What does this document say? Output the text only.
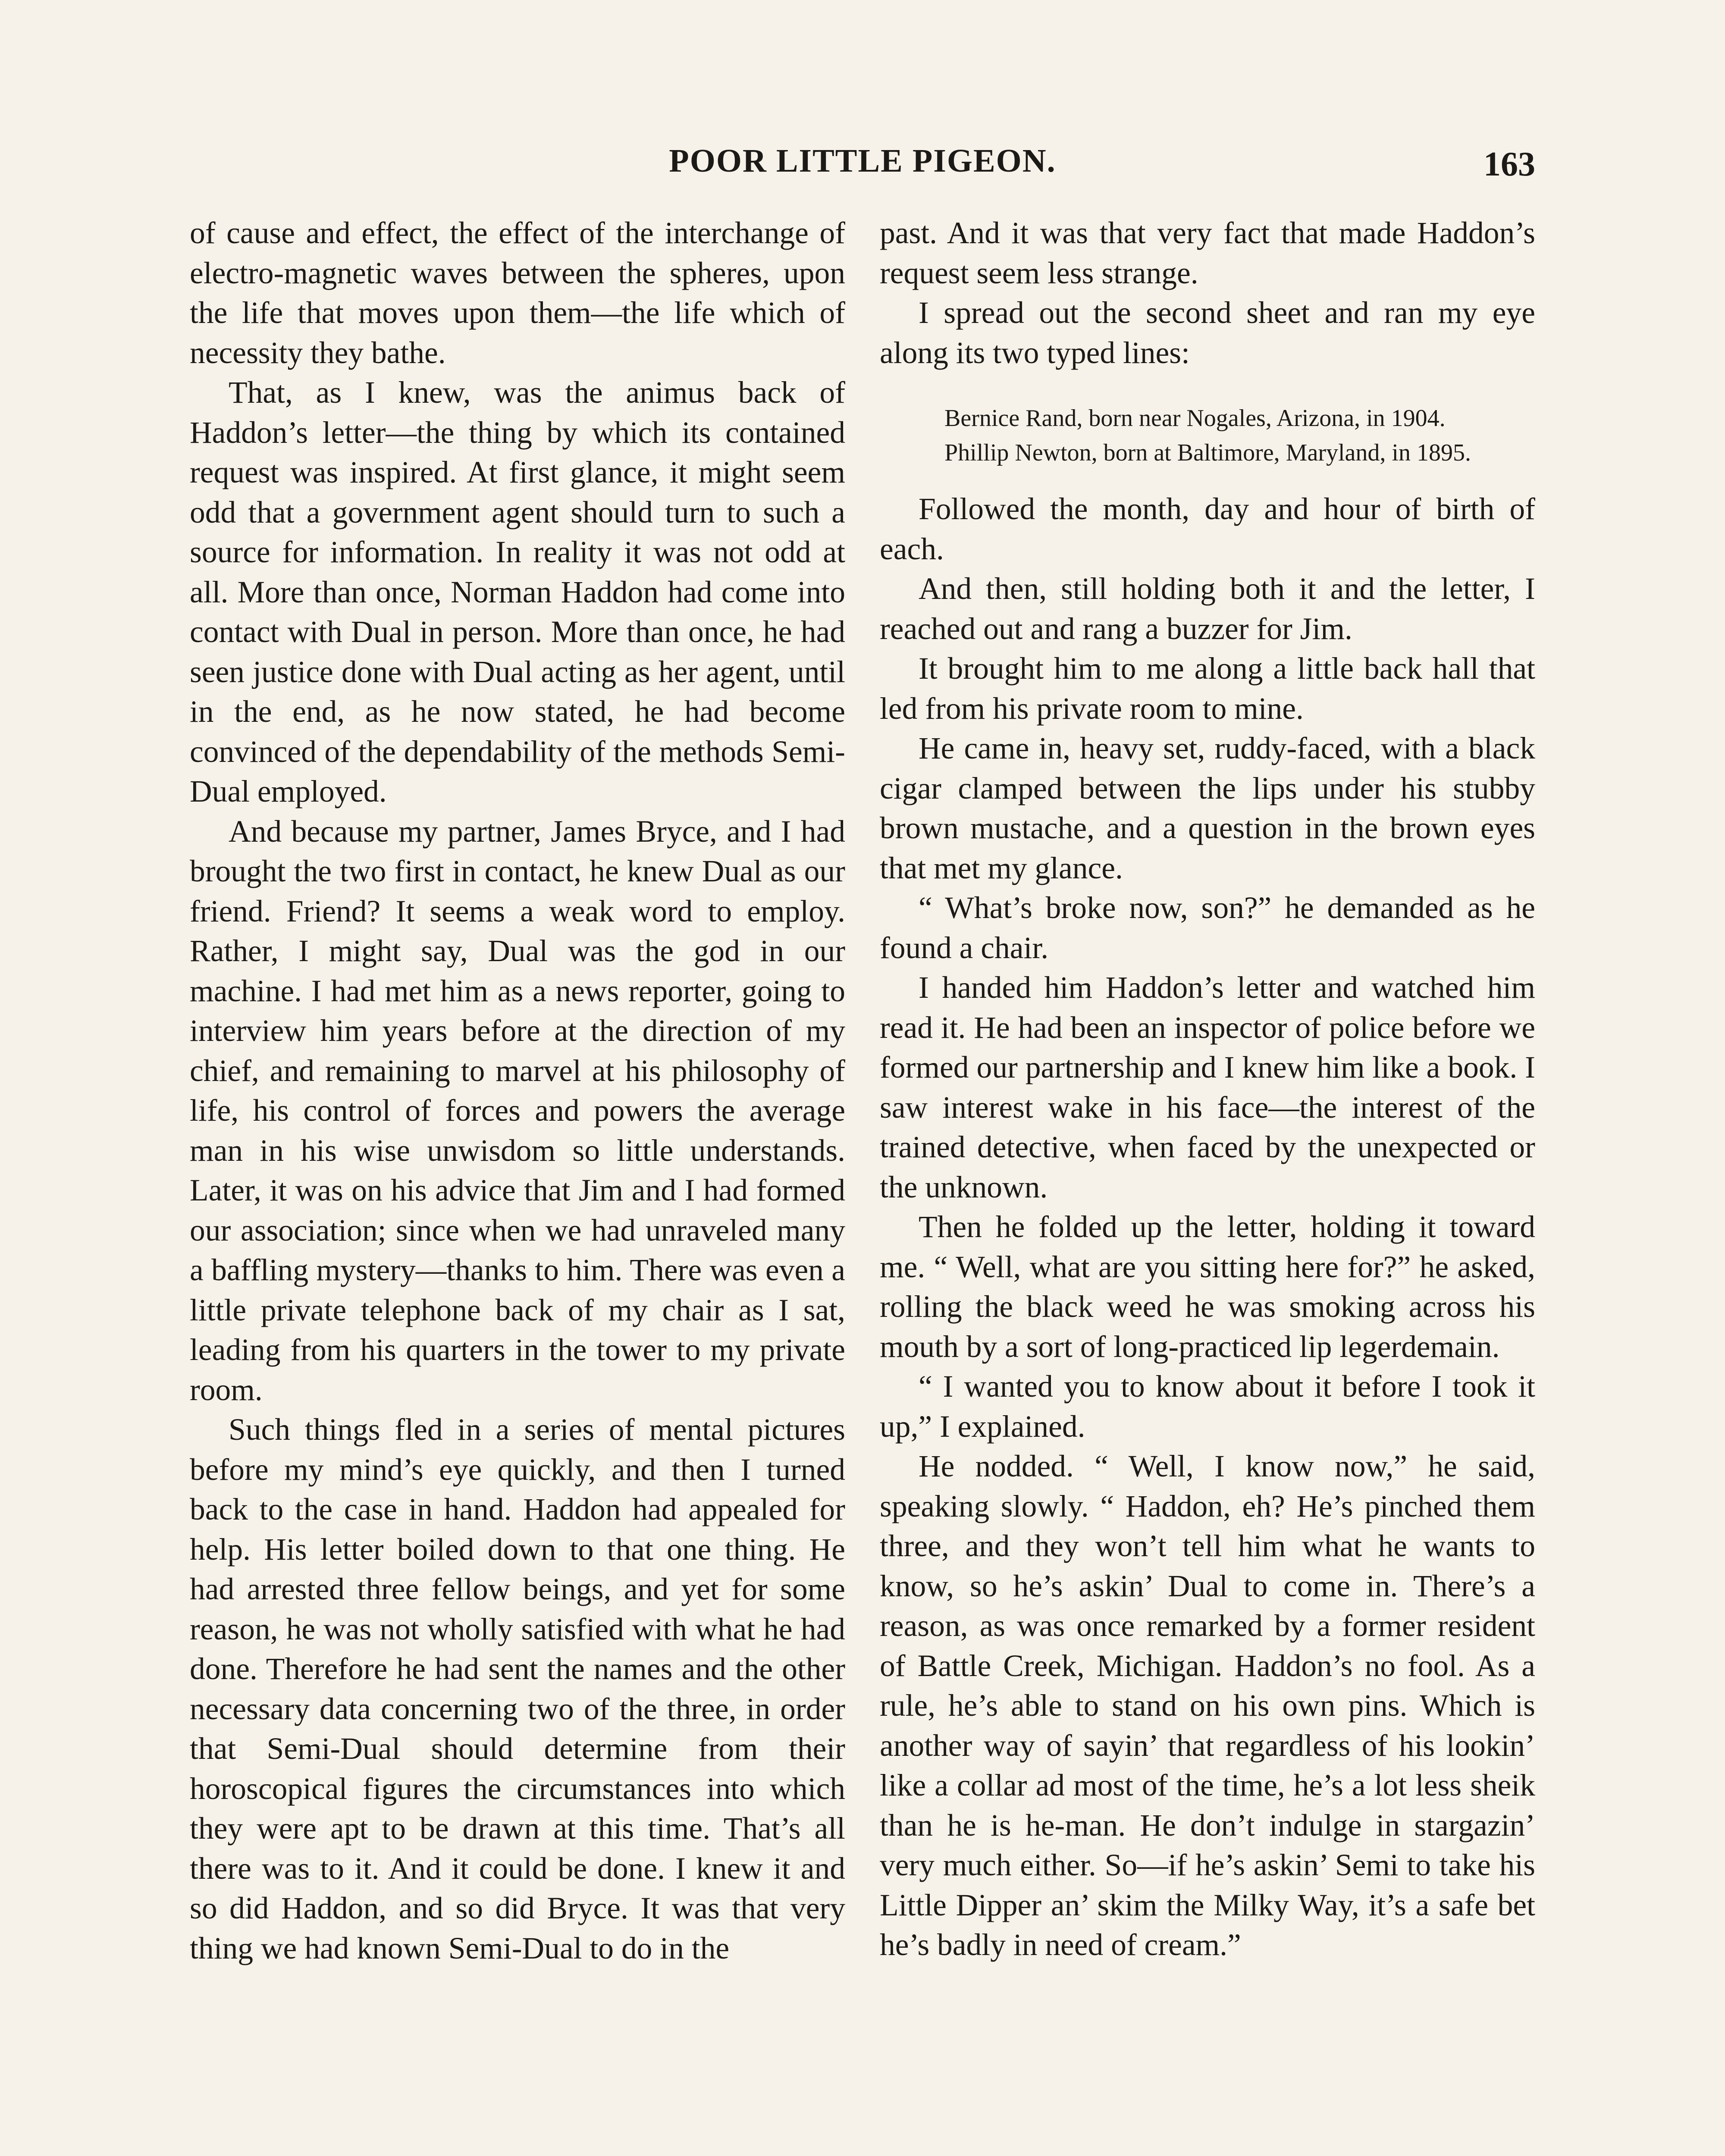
POOR LITTLE PIGEON.	163

of cause and effect, the effect of the interchange of electro-magnetic waves between the spheres, upon the life that moves upon them—the life which of necessity they bathe.

That, as I knew, was the animus back of Haddon’s letter—the thing by which its contained request was inspired. At first glance, it might seem odd that a government agent should turn to such a source for information. In reality it was not odd at all. More than once, Norman Haddon had come into contact with Dual in person. More than once, he had seen justice done with Dual acting as her agent, until in the end, as he now stated, he had become convinced of the dependability of the methods Semi-Dual employed.

And because my partner, James Bryce, and I had brought the two first in contact, he knew Dual as our friend. Friend? It seems a weak word to employ. Rather, I might say, Dual was the god in our machine. I had met him as a news reporter, going to interview him years before at the direction of my chief, and remaining to marvel at his philosophy of life, his control of forces and powers the average man in his wise unwisdom so little understands. Later, it was on his advice that Jim and I had formed our association; since when we had unraveled many a baffling mystery—thanks to him. There was even a little private telephone back of my chair as I sat, leading from his quarters in the tower to my private room.

Such things fled in a series of mental pictures before my mind’s eye quickly, and then I turned back to the case in hand. Haddon had appealed for help. His letter boiled down to that one thing. He had arrested three fellow beings, and yet for some reason, he was not wholly satisfied with what he had done. Therefore he had sent the names and the other necessary data concerning two of the three, in order that Semi-Dual should determine from their horoscopical figures the circumstances into which they were apt to be drawn at this time. That’s all there was to it. And it could be done. I knew it and so did Haddon, and so did Bryce. It was that very thing we had known Semi-Dual to do in the

past. And it was that very fact that made Haddon’s request seem less strange.

I spread out the second sheet and ran my eye along its two typed lines:

Bernice Rand, born near Nogales, Arizona, in 1904.

Phillip Newton, born at Baltimore, Maryland, in 1895.

Followed the month, day and hour of birth of each.

And then, still holding both it and the letter, I reached out and rang a buzzer for Jim.

It brought him to me along a little back hall that led from his private room to mine.

He came in, heavy set, ruddy-faced, with a black cigar clamped between the lips under his stubby brown mustache, and a question in the brown eyes that met my glance.

“ What’s broke now, son?” he demanded as he found a chair.

I handed him Haddon’s letter and watched him read it. He had been an inspector of police before we formed our partnership and I knew him like a book. I saw interest wake in his face—the interest of the trained detective, when faced by the unexpected or the unknown.

Then he folded up the letter, holding it toward me. “ Well, what are you sitting here for?” he asked, rolling the black weed he was smoking across his mouth by a sort of long-practiced lip legerdemain.

“ I wanted you to know about it before I took it up,” I explained.

He nodded. “ Well, I know now,” he said, speaking slowly. “ Haddon, eh? He’s pinched them three, and they won’t tell him what he wants to know, so he’s askin’ Dual to come in. There’s a reason, as was once remarked by a former resident of Battle Creek, Michigan. Haddon’s no fool. As a rule, he’s able to stand on his own pins. Which is another way of sayin’ that regardless of his lookin’ like a collar ad most of the time, he’s a lot less sheik than he is he-man. He don’t indulge in stargazin’ very much either. So—if he’s askin’ Semi to take his Little Dipper an’ skim the Milky Way, it’s a safe bet he’s badly in need of cream.”
